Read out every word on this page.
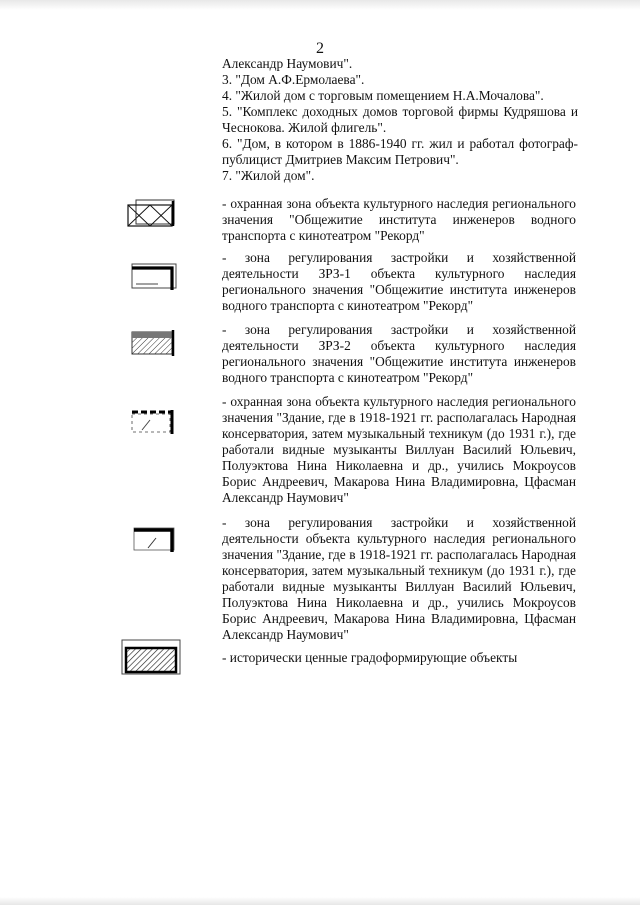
2

Александр Наумович".

3. "Дом А.Ф.Ермолаева".

4. "Жилой дом с торговым помещением Н.А.Мочалова".

5. "Комплекс доходных домов торговой фирмы Кудряшова и Чеснокова. Жилой флигель".

6. "Дом, в котором в 1886-1940 гг. жил и работал фотограф-публицист Дмитриев Максим Петрович".

7. "Жилой дом".

- охранная зона объекта культурного наследия регионального значения "Общежитие института инженеров водного транспорта с кинотеатром "Рекорд"

- зона регулирования застройки и хозяйственной деятельности ЗРЗ-1 объекта культурного наследия регионального значения "Общежитие института инженеров водного транспорта с кинотеатром "Рекорд"

- зона регулирования застройки и хозяйственной деятельности ЗРЗ-2 объекта культурного наследия регионального значения "Общежитие института инженеров водного транспорта с кинотеатром "Рекорд"

- охранная зона объекта культурного наследия регионального значения "Здание, где в 1918-1921 гг. располагалась Народная консерватория, затем музыкальный техникум (до 1931 г.), где работали видные музыканты Виллуан Василий Юльевич, Полуэктова Нина Николаевна и др., учились Мокроусов Борис Андреевич, Макарова Нина Владимировна, Цфасман Александр Наумович"

- зона регулирования застройки и хозяйственной деятельности объекта культурного наследия регионального значения "Здание, где в 1918-1921 гг. располагалась Народная консерватория, затем музыкальный техникум (до 1931 г.), где работали видные музыканты Виллуан Василий Юльевич, Полуэктова Нина Николаевна и др., учились Мокроусов Борис Андреевич, Макарова Нина Владимировна, Цфасман Александр Наумович"

- исторически ценные градоформирующие объекты
